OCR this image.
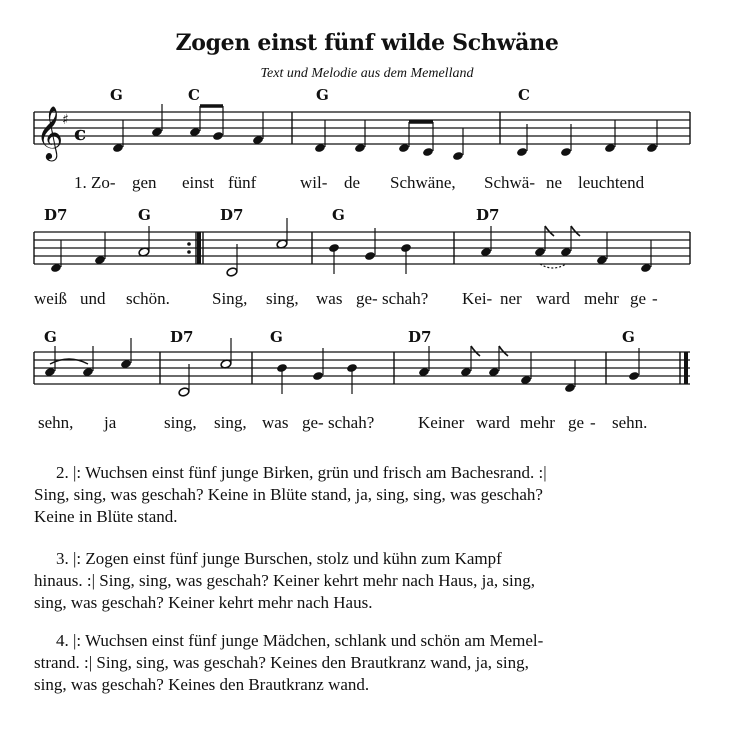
Zogen einst fünf wilde Schwäne
Text und Melodie aus dem Memelland
G	C	G	C
𝄞
♯
c
1. Zo- gen einst fünf	wil- de Schwäne, Schwä- ne leuchtend
D7	G	D7	G	D7
weiß und schön. Sing, sing, was ge- schah? Kei- ner ward mehr ge -
G	D7	G	D7	G
sehn, ja	sing, sing, was ge- schah?	Keiner ward mehr ge - sehn.
2. |: Wuchsen einst fünf junge Birken, grün und frisch am Bachesrand. :|
Sing, sing, was geschah? Keine in Blüte stand, ja, sing, sing, was geschah?
Keine in Blüte stand.
3. |: Zogen einst fünf junge Burschen, stolz und kühn zum Kampf
hinaus. :| Sing, sing, was geschah? Keiner kehrt mehr nach Haus, ja, sing,
sing, was geschah? Keiner kehrt mehr nach Haus.
4. |: Wuchsen einst fünf junge Mädchen, schlank und schön am Memel-
strand. :| Sing, sing, was geschah? Keines den Brautkranz wand, ja, sing,
sing, was geschah? Keines den Brautkranz wand.
